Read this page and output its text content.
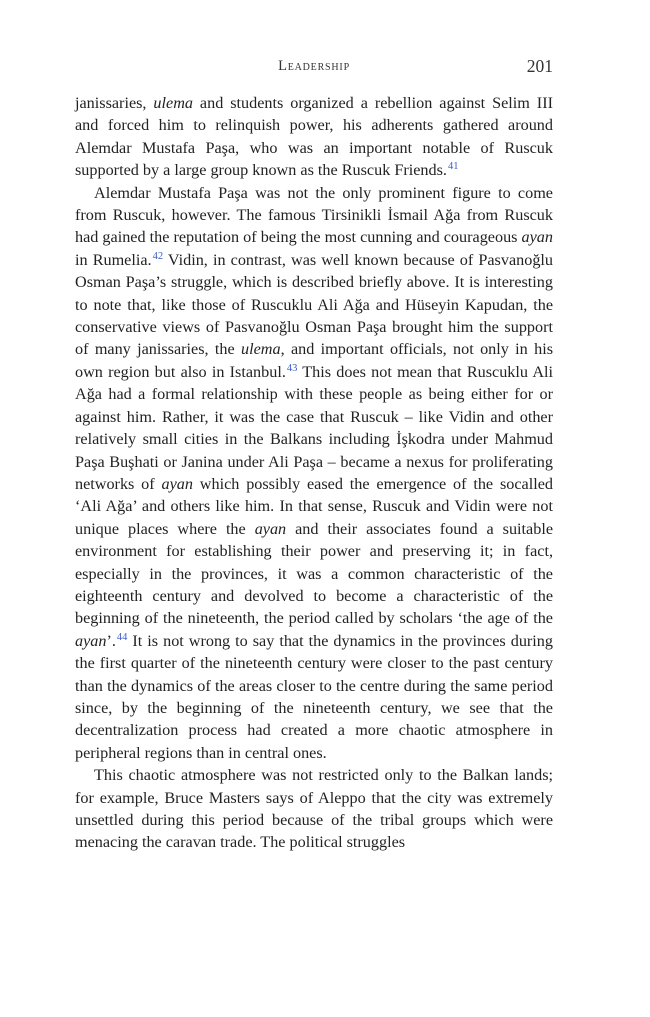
Leadership	201

janissaries, ulema and students organized a rebellion against Selim III and forced him to relinquish power, his adherents gathered around Alemdar Mustafa Paşa, who was an important notable of Ruscuk supported by a large group known as the Ruscuk Friends.$^{41}$

Alemdar Mustafa Paşa was not the only prominent figure to come from Ruscuk, however. The famous Tirsinikli İsmail Ağa from Ruscuk had gained the reputation of being the most cunning and courageous ayan in Rumelia.$^{42}$ Vidin, in contrast, was well known because of Pasvanoğlu Osman Paşa’s struggle, which is described briefly above. It is interesting to note that, like those of Ruscuklu Ali Ağa and Hüseyin Kapudan, the conservative views of Pasvanoğlu Osman Paşa brought him the support of many janissaries, the ulema, and important officials, not only in his own region but also in Istanbul.$^{43}$ This does not mean that Ruscuklu Ali Ağa had a formal relationship with these people as being either for or against him. Rather, it was the case that Ruscuk – like Vidin and other relatively small cities in the Balkans including İşkodra under Mahmud Paşa Buşhati or Janina under Ali Paşa – became a nexus for proliferating networks of ayan which possibly eased the emergence of the socalled ‘Ali Ağa’ and others like him. In that sense, Ruscuk and Vidin were not unique places where the ayan and their associates found a suitable environment for establishing their power and preserving it; in fact, especially in the provinces, it was a common characteristic of the eighteenth century and devolved to become a characteristic of the beginning of the nineteenth, the period called by scholars ‘the age of the ayan’.$^{44}$ It is not wrong to say that the dynamics in the provinces during the first quarter of the nineteenth century were closer to the past century than the dynamics of the areas closer to the centre during the same period since, by the beginning of the nineteenth century, we see that the decentralization process had created a more chaotic atmosphere in peripheral regions than in central ones.

This chaotic atmosphere was not restricted only to the Balkan lands; for example, Bruce Masters says of Aleppo that the city was extremely unsettled during this period because of the tribal groups which were menacing the caravan trade. The political struggles
